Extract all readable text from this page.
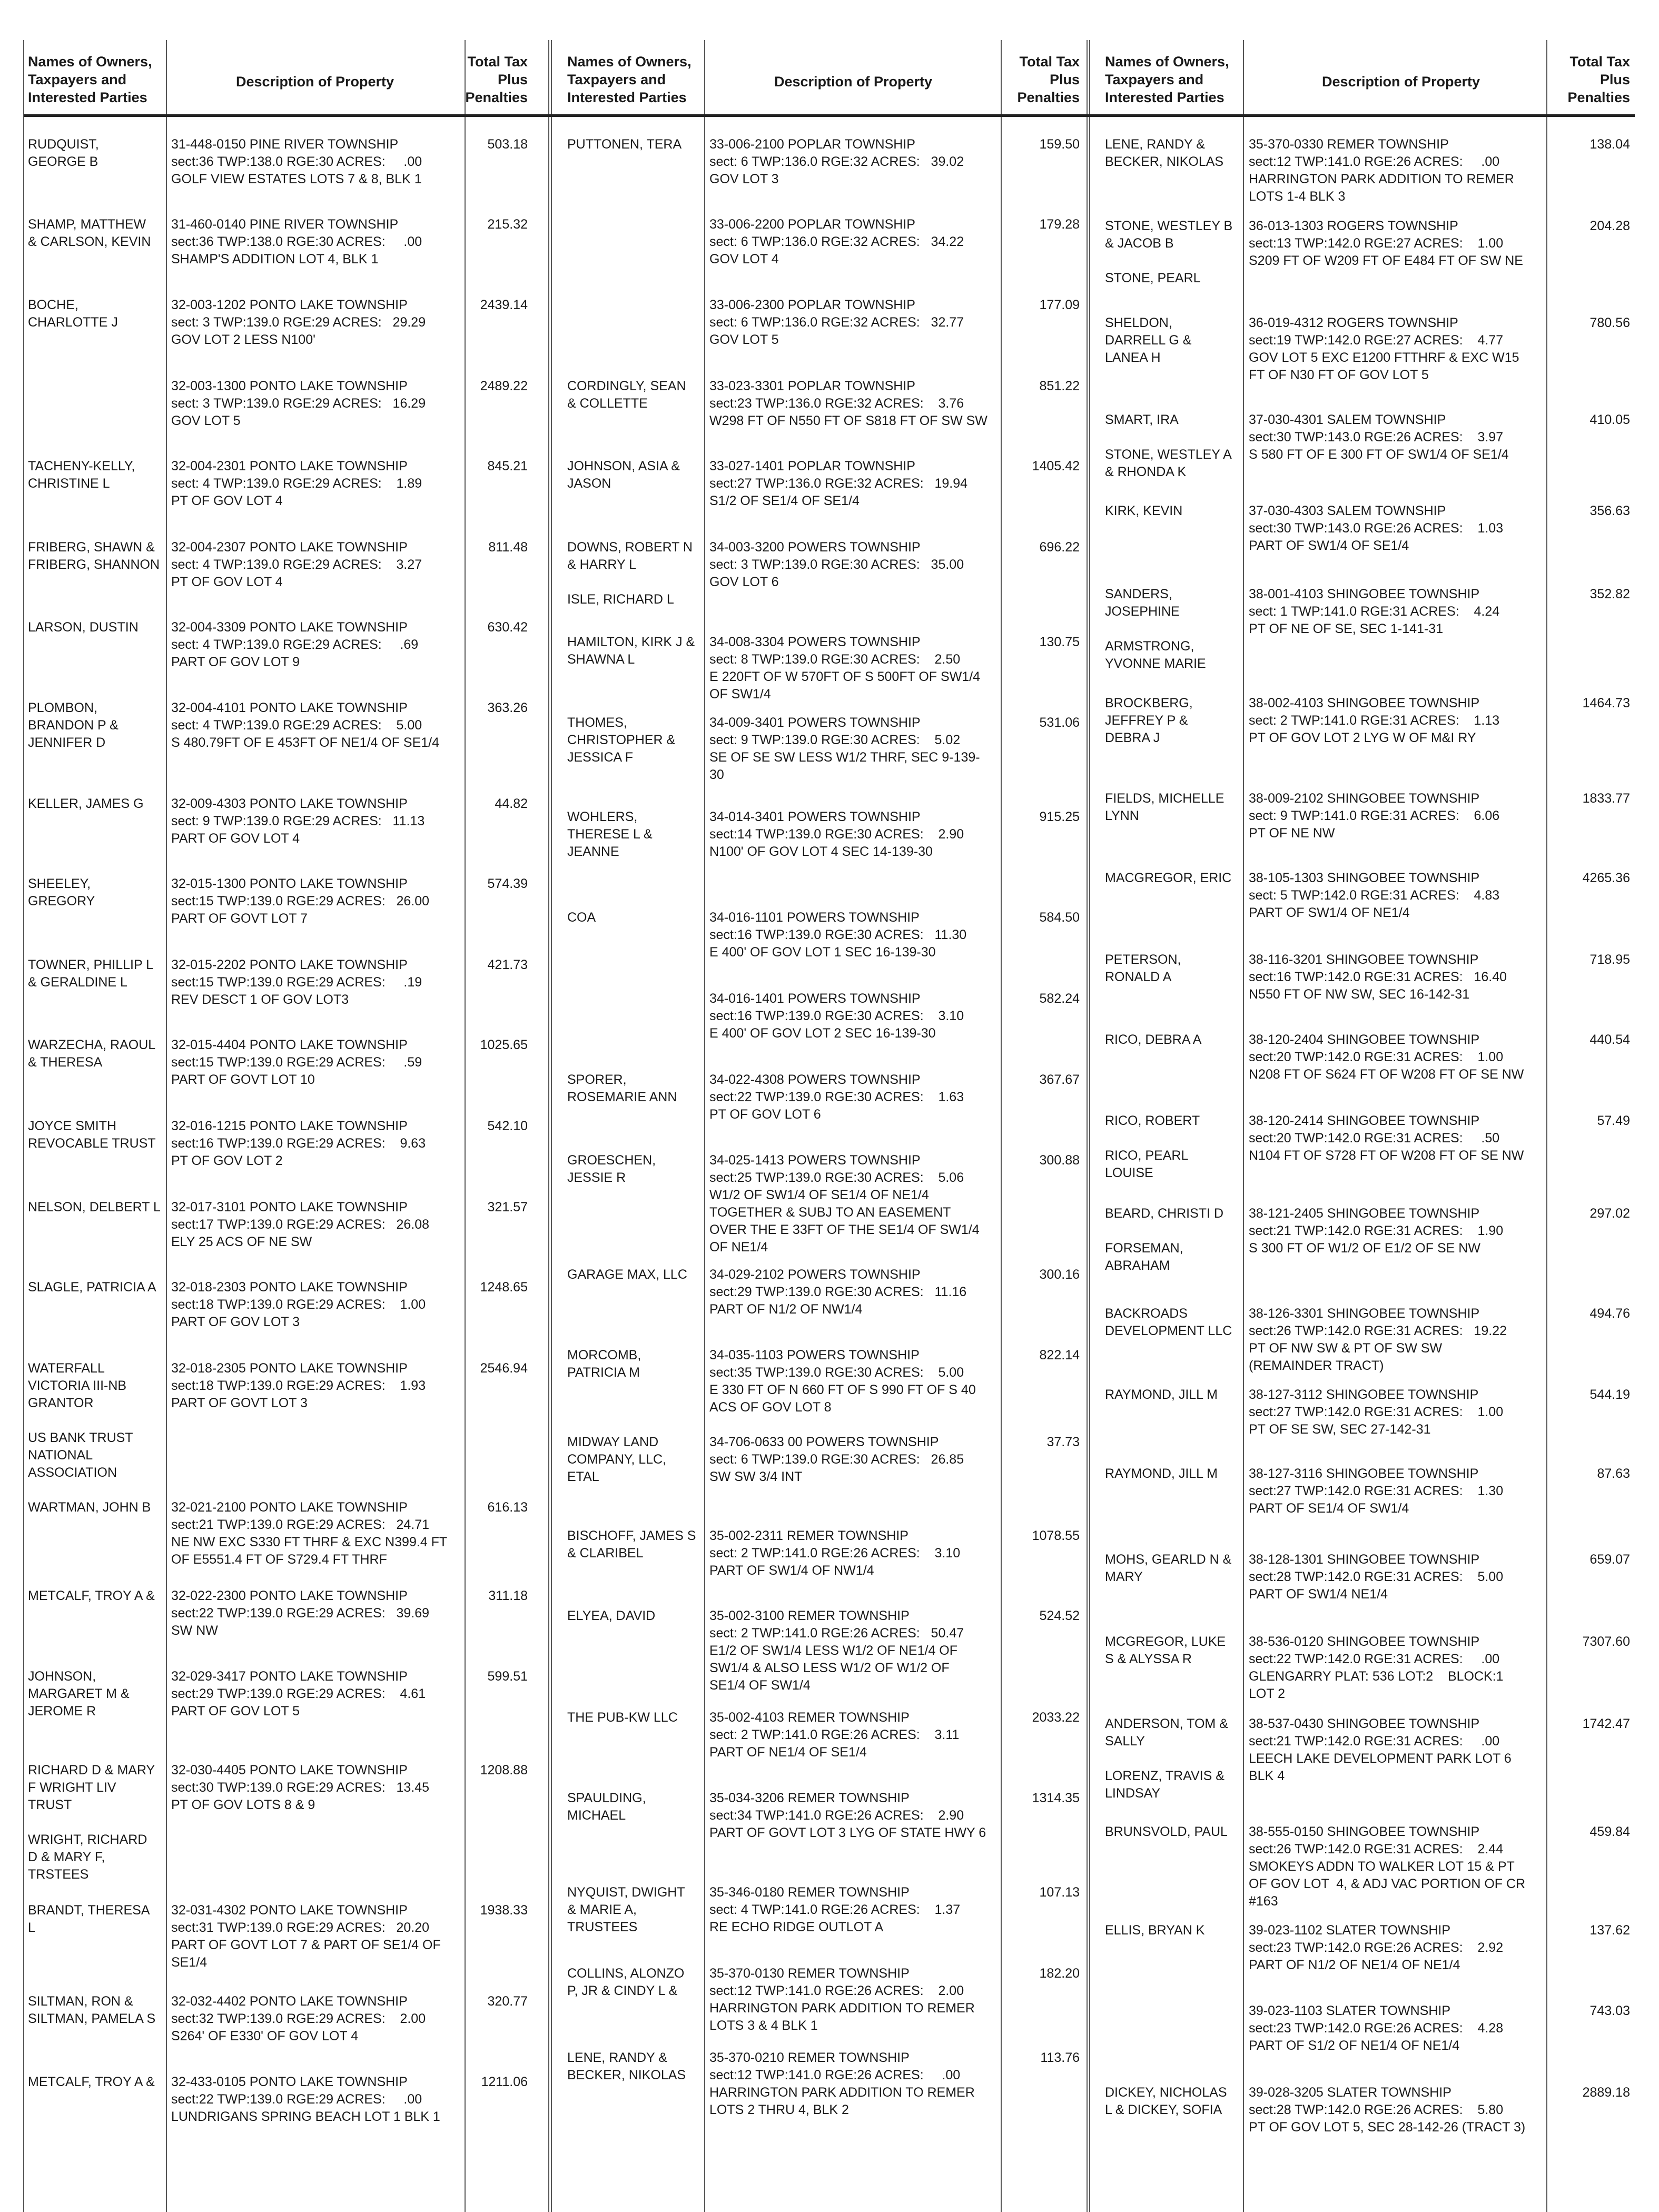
Names of Owners,
Taxpayers and
Interested Parties
Description of Property
Total Tax
Plus
Penalties
Names of Owners,
Taxpayers and
Interested Parties
Description of Property
Total Tax
Plus
Penalties
Names of Owners,
Taxpayers and
Interested Parties
Description of Property
Total Tax
Plus
Penalties
RUDQUIST,
GEORGE B
31-448-0150 PINE RIVER TOWNSHIP
sect:36 TWP:138.0 RGE:30 ACRES:     .00
GOLF VIEW ESTATES LOTS 7 & 8, BLK 1
503.18
SHAMP, MATTHEW
& CARLSON, KEVIN
31-460-0140 PINE RIVER TOWNSHIP
sect:36 TWP:138.0 RGE:30 ACRES:     .00
SHAMP'S ADDITION LOT 4, BLK 1
215.32
BOCHE,
CHARLOTTE J
32-003-1202 PONTO LAKE TOWNSHIP
sect: 3 TWP:139.0 RGE:29 ACRES:   29.29
GOV LOT 2 LESS N100'
2439.14
32-003-1300 PONTO LAKE TOWNSHIP
sect: 3 TWP:139.0 RGE:29 ACRES:   16.29
GOV LOT 5
2489.22
TACHENY-KELLY,
CHRISTINE L
32-004-2301 PONTO LAKE TOWNSHIP
sect: 4 TWP:139.0 RGE:29 ACRES:    1.89
PT OF GOV LOT 4
845.21
FRIBERG, SHAWN &
FRIBERG, SHANNON
32-004-2307 PONTO LAKE TOWNSHIP
sect: 4 TWP:139.0 RGE:29 ACRES:    3.27
PT OF GOV LOT 4
811.48
LARSON, DUSTIN	32-004-3309 PONTO LAKE TOWNSHIP
sect: 4 TWP:139.0 RGE:29 ACRES:     .69
PART OF GOV LOT 9
630.42
PLOMBON,
BRANDON P &
JENNIFER D
32-004-4101 PONTO LAKE TOWNSHIP
sect: 4 TWP:139.0 RGE:29 ACRES:    5.00
S 480.79FT OF E 453FT OF NE1/4 OF SE1/4
363.26
KELLER, JAMES G	32-009-4303 PONTO LAKE TOWNSHIP
sect: 9 TWP:139.0 RGE:29 ACRES:   11.13
PART OF GOV LOT 4
44.82
SHEELEY,
GREGORY
32-015-1300 PONTO LAKE TOWNSHIP
sect:15 TWP:139.0 RGE:29 ACRES:   26.00
PART OF GOVT LOT 7
574.39
TOWNER, PHILLIP L
& GERALDINE L
32-015-2202 PONTO LAKE TOWNSHIP
sect:15 TWP:139.0 RGE:29 ACRES:     .19
REV DESCT 1 OF GOV LOT3
421.73
WARZECHA, RAOUL
& THERESA
32-015-4404 PONTO LAKE TOWNSHIP
sect:15 TWP:139.0 RGE:29 ACRES:     .59
PART OF GOVT LOT 10
1025.65
JOYCE SMITH
REVOCABLE TRUST
32-016-1215 PONTO LAKE TOWNSHIP
sect:16 TWP:139.0 RGE:29 ACRES:    9.63
PT OF GOV LOT 2
542.10
NELSON, DELBERT L 32-017-3101 PONTO LAKE TOWNSHIP
sect:17 TWP:139.0 RGE:29 ACRES:   26.08
ELY 25 ACS OF NE SW
321.57
SLAGLE, PATRICIA A	32-018-2303 PONTO LAKE TOWNSHIP
sect:18 TWP:139.0 RGE:29 ACRES:    1.00
PART OF GOV LOT 3
1248.65
WATERFALL
VICTORIA III-NB
GRANTOR

US BANK TRUST
NATIONAL
ASSOCIATION
32-018-2305 PONTO LAKE TOWNSHIP
sect:18 TWP:139.0 RGE:29 ACRES:    1.93
PART OF GOVT LOT 3
2546.94
WARTMAN, JOHN B	32-021-2100 PONTO LAKE TOWNSHIP
sect:21 TWP:139.0 RGE:29 ACRES:   24.71
NE NW EXC S330 FT THRF & EXC N399.4 FT
OF E5551.4 FT OF S729.4 FT THRF
616.13
METCALF, TROY A &	32-022-2300 PONTO LAKE TOWNSHIP
sect:22 TWP:139.0 RGE:29 ACRES:   39.69
SW NW
311.18
JOHNSON,
MARGARET M &
JEROME R
32-029-3417 PONTO LAKE TOWNSHIP
sect:29 TWP:139.0 RGE:29 ACRES:    4.61
PART OF GOV LOT 5
599.51
RICHARD D & MARY
F WRIGHT LIV
TRUST

WRIGHT, RICHARD
D & MARY F,
TRSTEES
32-030-4405 PONTO LAKE TOWNSHIP
sect:30 TWP:139.0 RGE:29 ACRES:   13.45
PT OF GOV LOTS 8 & 9
1208.88
BRANDT, THERESA
L
32-031-4302 PONTO LAKE TOWNSHIP
sect:31 TWP:139.0 RGE:29 ACRES:   20.20
PART OF GOVT LOT 7 & PART OF SE1/4 OF
SE1/4
1938.33
SILTMAN, RON &
SILTMAN, PAMELA S
32-032-4402 PONTO LAKE TOWNSHIP
sect:32 TWP:139.0 RGE:29 ACRES:    2.00
S264' OF E330' OF GOV LOT 4
320.77
METCALF, TROY A &	32-433-0105 PONTO LAKE TOWNSHIP
sect:22 TWP:139.0 RGE:29 ACRES:     .00
LUNDRIGANS SPRING BEACH LOT 1 BLK 1
1211.06
PUTTONEN, TERA	33-006-2100 POPLAR TOWNSHIP
sect: 6 TWP:136.0 RGE:32 ACRES:   39.02
GOV LOT 3
159.50
33-006-2200 POPLAR TOWNSHIP
sect: 6 TWP:136.0 RGE:32 ACRES:   34.22
GOV LOT 4
179.28
33-006-2300 POPLAR TOWNSHIP
sect: 6 TWP:136.0 RGE:32 ACRES:   32.77
GOV LOT 5
177.09
CORDINGLY, SEAN
& COLLETTE
33-023-3301 POPLAR TOWNSHIP
sect:23 TWP:136.0 RGE:32 ACRES:    3.76
W298 FT OF N550 FT OF S818 FT OF SW SW
851.22
JOHNSON, ASIA &
JASON
33-027-1401 POPLAR TOWNSHIP
sect:27 TWP:136.0 RGE:32 ACRES:   19.94
S1/2 OF SE1/4 OF SE1/4
1405.42
DOWNS, ROBERT N
& HARRY L

ISLE, RICHARD L
34-003-3200 POWERS TOWNSHIP
sect: 3 TWP:139.0 RGE:30 ACRES:   35.00
GOV LOT 6
696.22
HAMILTON, KIRK J &
SHAWNA L
34-008-3304 POWERS TOWNSHIP
sect: 8 TWP:139.0 RGE:30 ACRES:    2.50
E 220FT OF W 570FT OF S 500FT OF SW1/4
OF SW1/4
130.75
THOMES,
CHRISTOPHER &
JESSICA F
34-009-3401 POWERS TOWNSHIP
sect: 9 TWP:139.0 RGE:30 ACRES:    5.02
SE OF SE SW LESS W1/2 THRF, SEC 9-139-
30
531.06
WOHLERS,
THERESE L &
JEANNE
34-014-3401 POWERS TOWNSHIP
sect:14 TWP:139.0 RGE:30 ACRES:    2.90
N100' OF GOV LOT 4 SEC 14-139-30
915.25
COA	34-016-1101 POWERS TOWNSHIP
sect:16 TWP:139.0 RGE:30 ACRES:   11.30
E 400' OF GOV LOT 1 SEC 16-139-30
584.50
34-016-1401 POWERS TOWNSHIP
sect:16 TWP:139.0 RGE:30 ACRES:    3.10
E 400' OF GOV LOT 2 SEC 16-139-30
582.24
SPORER,
ROSEMARIE ANN
34-022-4308 POWERS TOWNSHIP
sect:22 TWP:139.0 RGE:30 ACRES:    1.63
PT OF GOV LOT 6
367.67
GROESCHEN,
JESSIE R
34-025-1413 POWERS TOWNSHIP
sect:25 TWP:139.0 RGE:30 ACRES:    5.06
W1/2 OF SW1/4 OF SE1/4 OF NE1/4
TOGETHER & SUBJ TO AN EASEMENT
OVER THE E 33FT OF THE SE1/4 OF SW1/4
OF NE1/4
300.88
GARAGE MAX, LLC	34-029-2102 POWERS TOWNSHIP
sect:29 TWP:139.0 RGE:30 ACRES:   11.16
PART OF N1/2 OF NW1/4
300.16
MORCOMB,
PATRICIA M
34-035-1103 POWERS TOWNSHIP
sect:35 TWP:139.0 RGE:30 ACRES:    5.00
E 330 FT OF N 660 FT OF S 990 FT OF S 40
ACS OF GOV LOT 8
822.14
MIDWAY LAND
COMPANY, LLC,
ETAL
34-706-0633 00 POWERS TOWNSHIP
sect: 6 TWP:139.0 RGE:30 ACRES:   26.85
SW SW 3/4 INT
37.73
BISCHOFF, JAMES S
& CLARIBEL
35-002-2311 REMER TOWNSHIP
sect: 2 TWP:141.0 RGE:26 ACRES:    3.10
PART OF SW1/4 OF NW1/4
1078.55
ELYEA, DAVID	35-002-3100 REMER TOWNSHIP
sect: 2 TWP:141.0 RGE:26 ACRES:   50.47
E1/2 OF SW1/4 LESS W1/2 OF NE1/4 OF
SW1/4 & ALSO LESS W1/2 OF W1/2 OF
SE1/4 OF SW1/4
524.52
THE PUB-KW LLC	35-002-4103 REMER TOWNSHIP
sect: 2 TWP:141.0 RGE:26 ACRES:    3.11
PART OF NE1/4 OF SE1/4
2033.22
SPAULDING,
MICHAEL
35-034-3206 REMER TOWNSHIP
sect:34 TWP:141.0 RGE:26 ACRES:    2.90
PART OF GOVT LOT 3 LYG OF STATE HWY 6
1314.35
NYQUIST, DWIGHT
& MARIE A,
TRUSTEES
35-346-0180 REMER TOWNSHIP
sect: 4 TWP:141.0 RGE:26 ACRES:    1.37
RE ECHO RIDGE OUTLOT A
107.13
COLLINS, ALONZO
P, JR & CINDY L &
35-370-0130 REMER TOWNSHIP
sect:12 TWP:141.0 RGE:26 ACRES:    2.00
HARRINGTON PARK ADDITION TO REMER
LOTS 3 & 4 BLK 1
182.20
LENE, RANDY &
BECKER, NIKOLAS
35-370-0210 REMER TOWNSHIP
sect:12 TWP:141.0 RGE:26 ACRES:     .00
HARRINGTON PARK ADDITION TO REMER
LOTS 2 THRU 4, BLK 2
113.76
LENE, RANDY &
BECKER, NIKOLAS
35-370-0330 REMER TOWNSHIP
sect:12 TWP:141.0 RGE:26 ACRES:     .00
HARRINGTON PARK ADDITION TO REMER
LOTS 1-4 BLK 3
138.04
STONE, WESTLEY B
& JACOB B

STONE, PEARL
36-013-1303 ROGERS TOWNSHIP
sect:13 TWP:142.0 RGE:27 ACRES:    1.00
S209 FT OF W209 FT OF E484 FT OF SW NE
204.28
SHELDON,
DARRELL G &
LANEA H
36-019-4312 ROGERS TOWNSHIP
sect:19 TWP:142.0 RGE:27 ACRES:    4.77
GOV LOT 5 EXC E1200 FTTHRF & EXC W15
FT OF N30 FT OF GOV LOT 5
780.56
SMART, IRA

STONE, WESTLEY A
& RHONDA K
37-030-4301 SALEM TOWNSHIP
sect:30 TWP:143.0 RGE:26 ACRES:    3.97
S 580 FT OF E 300 FT OF SW1/4 OF SE1/4
410.05
KIRK, KEVIN	37-030-4303 SALEM TOWNSHIP
sect:30 TWP:143.0 RGE:26 ACRES:    1.03
PART OF SW1/4 OF SE1/4
356.63
SANDERS,
JOSEPHINE

ARMSTRONG,
YVONNE MARIE
38-001-4103 SHINGOBEE TOWNSHIP
sect: 1 TWP:141.0 RGE:31 ACRES:    4.24
PT OF NE OF SE, SEC 1-141-31
352.82
BROCKBERG,
JEFFREY P &
DEBRA J
38-002-4103 SHINGOBEE TOWNSHIP
sect: 2 TWP:141.0 RGE:31 ACRES:    1.13
PT OF GOV LOT 2 LYG W OF M&I RY
1464.73
FIELDS, MICHELLE
LYNN
38-009-2102 SHINGOBEE TOWNSHIP
sect: 9 TWP:141.0 RGE:31 ACRES:    6.06
PT OF NE NW
1833.77
MACGREGOR, ERIC	38-105-1303 SHINGOBEE TOWNSHIP
sect: 5 TWP:142.0 RGE:31 ACRES:    4.83
PART OF SW1/4 OF NE1/4
4265.36
PETERSON,
RONALD A
38-116-3201 SHINGOBEE TOWNSHIP
sect:16 TWP:142.0 RGE:31 ACRES:   16.40
N550 FT OF NW SW, SEC 16-142-31
718.95
RICO, DEBRA A	38-120-2404 SHINGOBEE TOWNSHIP
sect:20 TWP:142.0 RGE:31 ACRES:    1.00
N208 FT OF S624 FT OF W208 FT OF SE NW
440.54
RICO, ROBERT

RICO, PEARL
LOUISE
38-120-2414 SHINGOBEE TOWNSHIP
sect:20 TWP:142.0 RGE:31 ACRES:     .50
N104 FT OF S728 FT OF W208 FT OF SE NW
57.49
BEARD, CHRISTI D

FORSEMAN,
ABRAHAM
38-121-2405 SHINGOBEE TOWNSHIP
sect:21 TWP:142.0 RGE:31 ACRES:    1.90
S 300 FT OF W1/2 OF E1/2 OF SE NW
297.02
BACKROADS
DEVELOPMENT LLC
38-126-3301 SHINGOBEE TOWNSHIP
sect:26 TWP:142.0 RGE:31 ACRES:   19.22
PT OF NW SW & PT OF SW SW
(REMAINDER TRACT)
494.76
RAYMOND, JILL M	38-127-3112 SHINGOBEE TOWNSHIP
sect:27 TWP:142.0 RGE:31 ACRES:    1.00
PT OF SE SW, SEC 27-142-31
544.19
RAYMOND, JILL M	38-127-3116 SHINGOBEE TOWNSHIP
sect:27 TWP:142.0 RGE:31 ACRES:    1.30
PART OF SE1/4 OF SW1/4
87.63
MOHS, GEARLD N &
MARY
38-128-1301 SHINGOBEE TOWNSHIP
sect:28 TWP:142.0 RGE:31 ACRES:    5.00
PART OF SW1/4 NE1/4
659.07
MCGREGOR, LUKE
S & ALYSSA R
38-536-0120 SHINGOBEE TOWNSHIP
sect:22 TWP:142.0 RGE:31 ACRES:     .00
GLENGARRY PLAT: 536 LOT:2    BLOCK:1
LOT 2
7307.60
ANDERSON, TOM &
SALLY

LORENZ, TRAVIS &
LINDSAY
38-537-0430 SHINGOBEE TOWNSHIP
sect:21 TWP:142.0 RGE:31 ACRES:     .00
LEECH LAKE DEVELOPMENT PARK LOT 6
BLK 4
1742.47
BRUNSVOLD, PAUL	38-555-0150 SHINGOBEE TOWNSHIP
sect:26 TWP:142.0 RGE:31 ACRES:    2.44
SMOKEYS ADDN TO WALKER LOT 15 & PT
OF GOV LOT  4, & ADJ VAC PORTION OF CR
#163
459.84
ELLIS, BRYAN K	39-023-1102 SLATER TOWNSHIP
sect:23 TWP:142.0 RGE:26 ACRES:    2.92
PART OF N1/2 OF NE1/4 OF NE1/4
137.62
39-023-1103 SLATER TOWNSHIP
sect:23 TWP:142.0 RGE:26 ACRES:    4.28
PART OF S1/2 OF NE1/4 OF NE1/4
743.03
DICKEY, NICHOLAS
L & DICKEY, SOFIA
39-028-3205 SLATER TOWNSHIP
sect:28 TWP:142.0 RGE:26 ACRES:    5.80
PT OF GOV LOT 5, SEC 28-142-26 (TRACT 3)
2889.18
